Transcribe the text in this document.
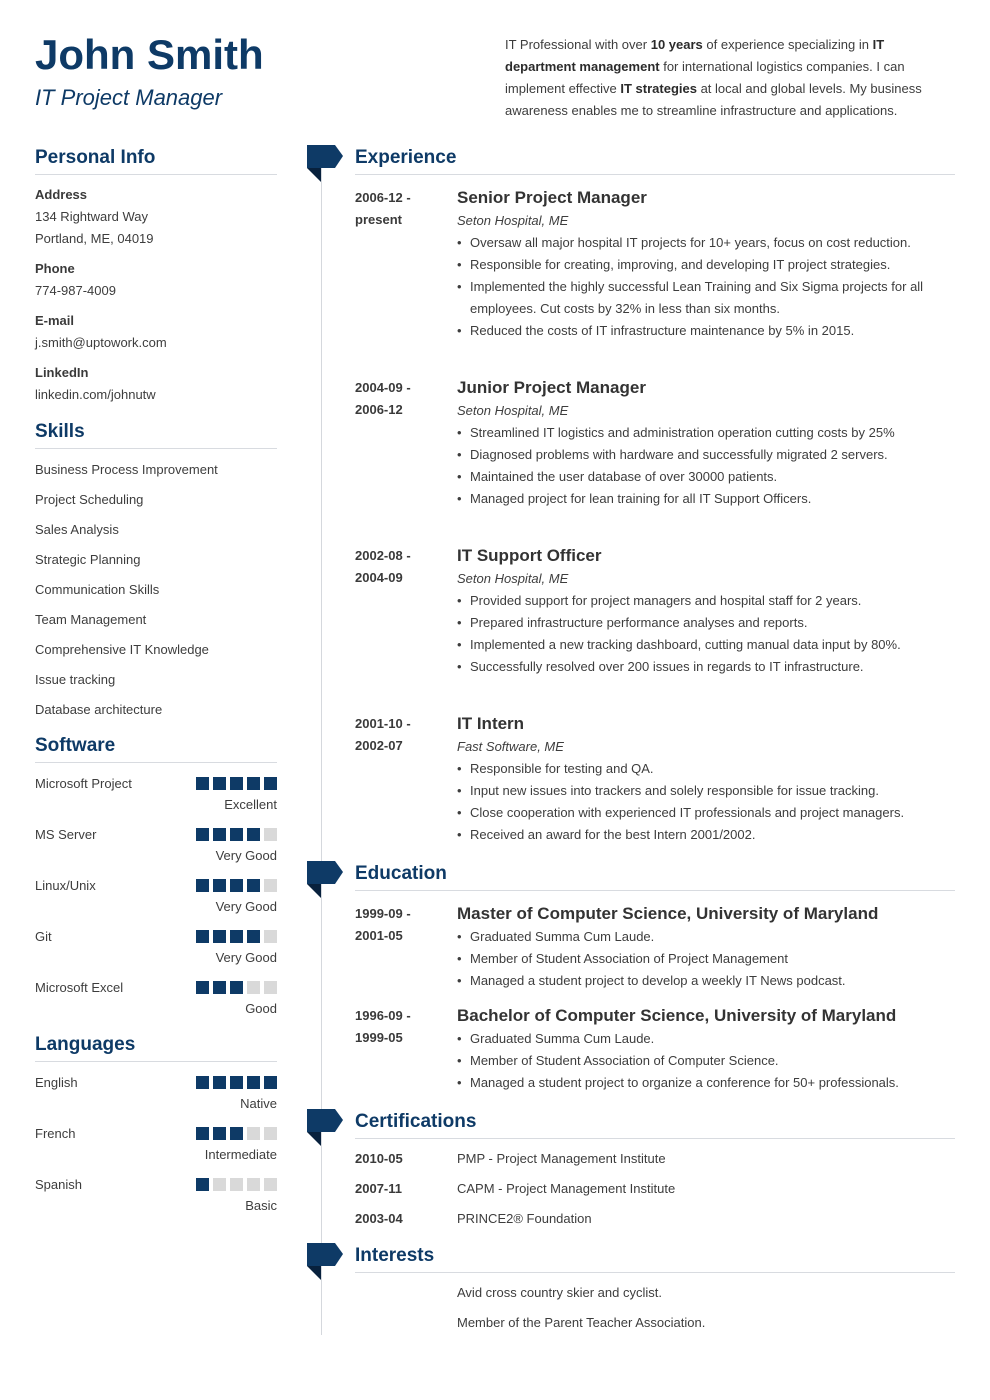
John Smith
IT Project Manager
IT Professional with over 10 years of experience specializing in IT department management for international logistics companies. I can implement effective IT strategies at local and global levels. My business awareness enables me to streamline infrastructure and applications.
Personal Info
Address
134 Rightward Way
Portland, ME, 04019
Phone
774-987-4009
E-mail
j.smith@uptowork.com
LinkedIn
linkedin.com/johnutw
Skills
Business Process Improvement
Project Scheduling
Sales Analysis
Strategic Planning
Communication Skills
Team Management
Comprehensive IT Knowledge
Issue tracking
Database architecture
Software
Microsoft Project
Excellent
MS Server
Very Good
Linux/Unix
Very Good
Git
Very Good
Microsoft Excel
Good
Languages
English
Native
French
Intermediate
Spanish
Basic
Experience
2006-12 -
present
Senior Project Manager
Seton Hospital, ME
• Oversaw all major hospital IT projects for 10+ years, focus on cost reduction.
• Responsible for creating, improving, and developing IT project strategies.
• Implemented the highly successful Lean Training and Six Sigma projects for all employees. Cut costs by 32% in less than six months.
• Reduced the costs of IT infrastructure maintenance by 5% in 2015.
2004-09 -
2006-12
Junior Project Manager
Seton Hospital, ME
• Streamlined IT logistics and administration operation cutting costs by 25%
• Diagnosed problems with hardware and successfully migrated 2 servers.
• Maintained the user database of over 30000 patients.
• Managed project for lean training for all IT Support Officers.
2002-08 -
2004-09
IT Support Officer
Seton Hospital, ME
• Provided support for project managers and hospital staff for 2 years.
• Prepared infrastructure performance analyses and reports.
• Implemented a new tracking dashboard, cutting manual data input by 80%.
• Successfully resolved over 200 issues in regards to IT infrastructure.
2001-10 -
2002-07
IT Intern
Fast Software, ME
• Responsible for testing and QA.
• Input new issues into trackers and solely responsible for issue tracking.
• Close cooperation with experienced IT professionals and project managers.
• Received an award for the best Intern 2001/2002.
Education
1999-09 -
2001-05
Master of Computer Science, University of Maryland
• Graduated Summa Cum Laude.
• Member of Student Association of Project Management
• Managed a student project to develop a weekly IT News podcast.
1996-09 -
1999-05
Bachelor of Computer Science, University of Maryland
• Graduated Summa Cum Laude.
• Member of Student Association of Computer Science.
• Managed a student project to organize a conference for 50+ professionals.
Certifications
2010-05	PMP - Project Management Institute
2007-11	CAPM - Project Management Institute
2003-04	PRINCE2® Foundation
Interests
Avid cross country skier and cyclist.
Member of the Parent Teacher Association.
